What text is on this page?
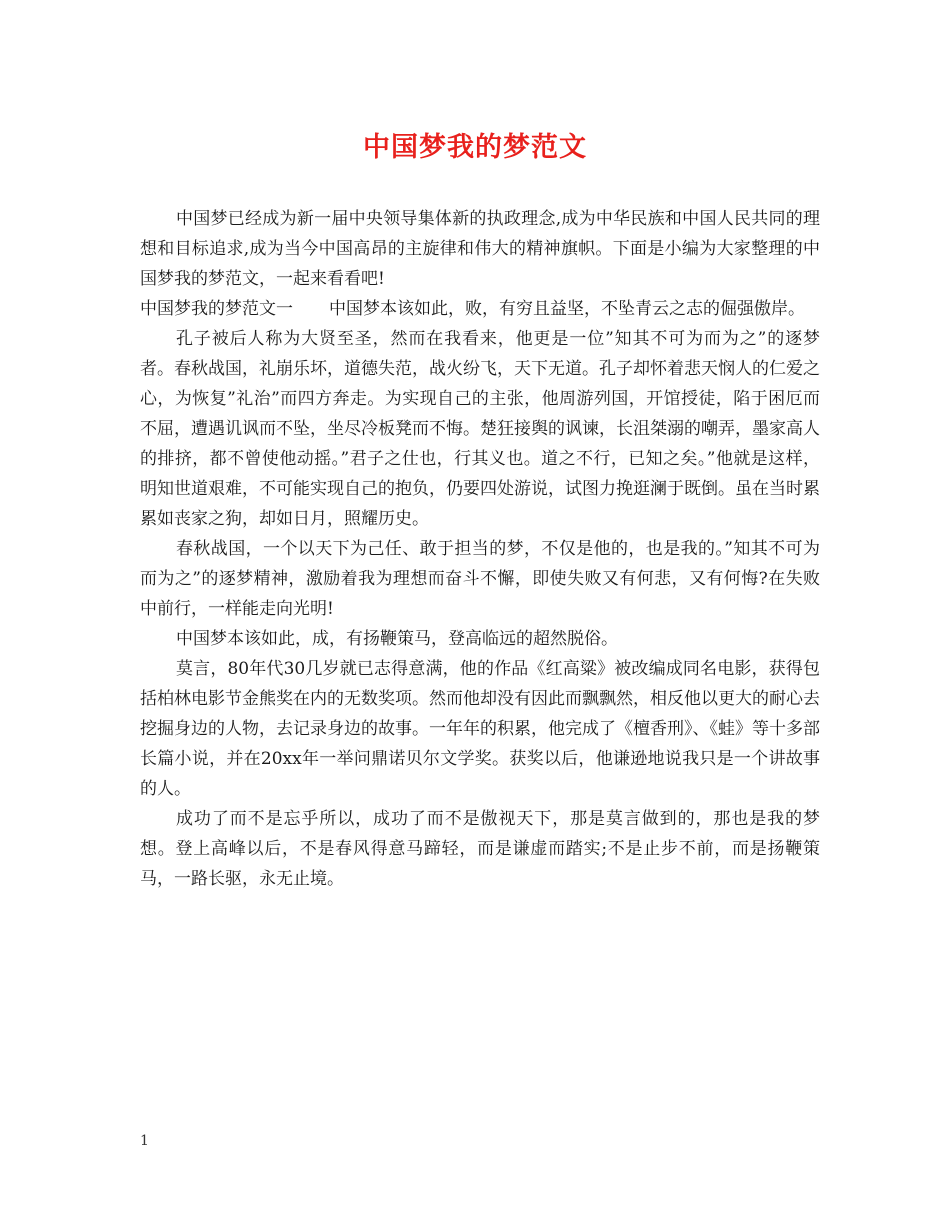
中国梦我的梦范文

中国梦已经成为新一届中央领导集体新的执政理念,成为中华民族和中国人民共同的理想和目标追求,成为当今中国高昂的主旋律和伟大的精神旗帜。下面是小编为大家整理的中国梦我的梦范文，一起来看看吧!

中国梦我的梦范文一 中国梦本该如此，败，有穷且益坚，不坠青云之志的倔强傲岸。

孔子被后人称为大贤至圣，然而在我看来，他更是一位”知其不可为而为之”的逐梦者。春秋战国，礼崩乐坏，道德失范，战火纷飞，天下无道。孔子却怀着悲天悯人的仁爱之心，为恢复”礼治”而四方奔走。为实现自己的主张，他周游列国，开馆授徒，陷于困厄而不屈，遭遇讥讽而不坠，坐尽冷板凳而不悔。楚狂接舆的讽谏，长沮桀溺的嘲弄，墨家高人的排挤，都不曾使他动摇。”君子之仕也，行其义也。道之不行，已知之矣。”他就是这样，明知世道艰难，不可能实现自己的抱负，仍要四处游说，试图力挽逛澜于既倒。虽在当时累累如丧家之狗，却如日月，照耀历史。

春秋战国，一个以天下为己任、敢于担当的梦，不仅是他的，也是我的。”知其不可为而为之”的逐梦精神，激励着我为理想而奋斗不懈，即使失败又有何悲，又有何悔?在失败中前行，一样能走向光明!

中国梦本该如此，成，有扬鞭策马，登高临远的超然脱俗。

莫言，80年代30几岁就已志得意满，他的作品《红高粱》被改编成同名电影，获得包括柏林电影节金熊奖在内的无数奖项。然而他却没有因此而飘飘然，相反他以更大的耐心去挖掘身边的人物，去记录身边的故事。一年年的积累，他完成了《檀香刑》、《蛙》等十多部长篇小说，并在20xx年一举问鼎诺贝尔文学奖。获奖以后，他谦逊地说我只是一个讲故事的人。

成功了而不是忘乎所以，成功了而不是傲视天下，那是莫言做到的，那也是我的梦想。登上高峰以后，不是春风得意马蹄轻，而是谦虚而踏实;不是止步不前，而是扬鞭策马，一路长驱，永无止境。

1
